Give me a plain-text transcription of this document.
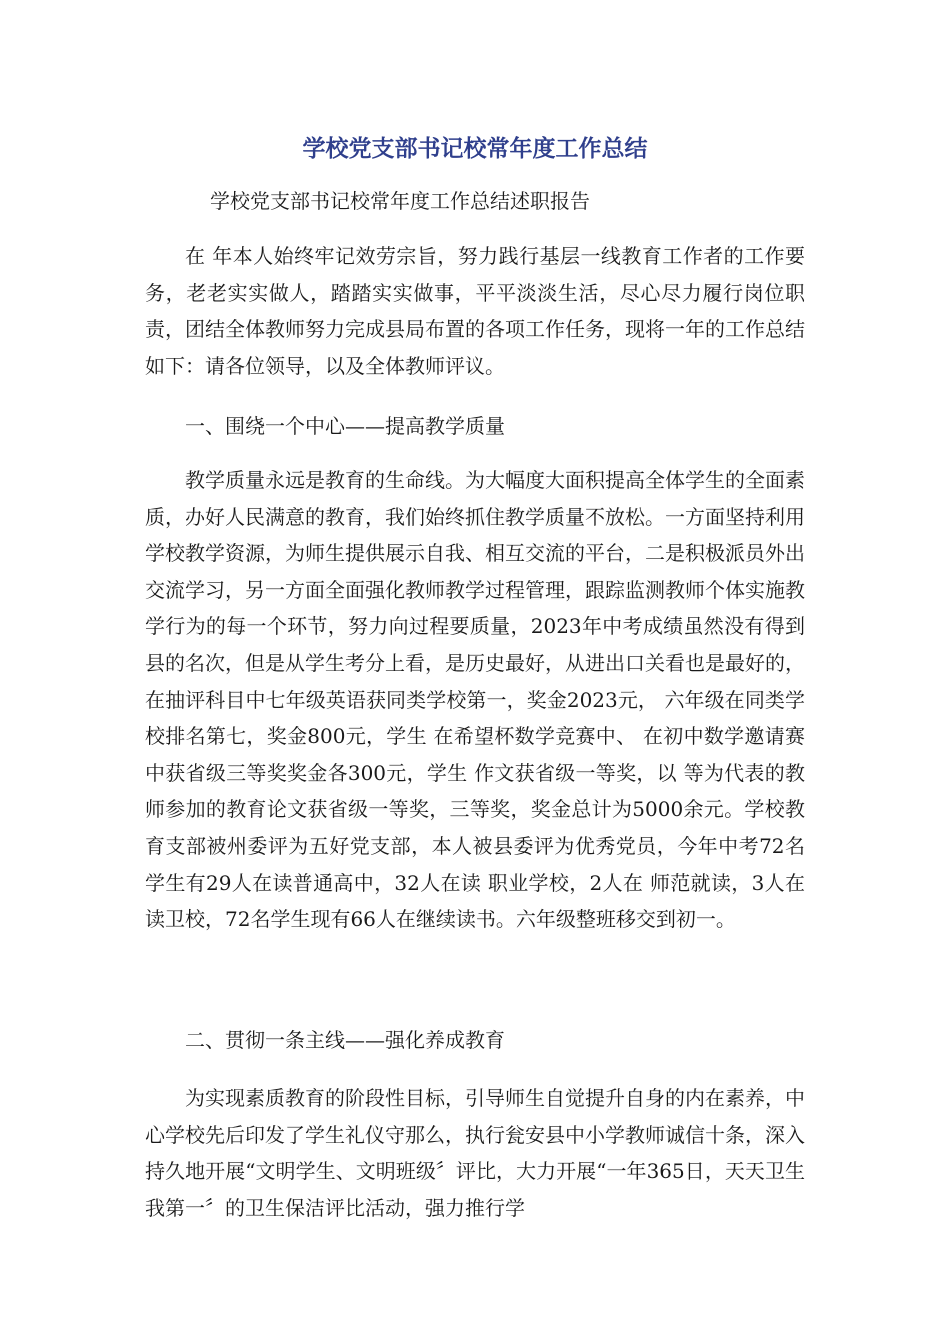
学校党支部书记校常年度工作总结
学校党支部书记校常年度工作总结述职报告

在 年本人始终牢记效劳宗旨，努力践行基层一线教育工作者的工作要务，老老实实做人，踏踏实实做事，平平淡淡生活，尽心尽力履行岗位职责，团结全体教师努力完成县局布置的各项工作任务，现将一年的工作总结如下：请各位领导，以及全体教师评议。

一、围绕一个中心——提高教学质量

教学质量永远是教育的生命线。为大幅度大面积提高全体学生的全面素质，办好人民满意的教育，我们始终抓住教学质量不放松。一方面坚持利用学校教学资源，为师生提供展示自我、相互交流的平台，二是积极派员外出交流学习，另一方面全面强化教师教学过程管理，跟踪监测教师个体实施教学行为的每一个环节，努力向过程要质量，2023年中考成绩虽然没有得到县的名次，但是从学生考分上看，是历史最好，从进出口关看也是最好的，在抽评科目中七年级英语获同类学校第一，奖金2023元， 六年级在同类学校排名第七，奖金800元，学生 在希望杯数学竞赛中、 在初中数学邀请赛中获省级三等奖奖金各300元，学生 作文获省级一等奖，以 等为代表的教师参加的教育论文获省级一等奖，三等奖，奖金总计为5000余元。学校教育支部被州委评为五好党支部，本人被县委评为优秀党员，今年中考72名学生有29人在读普通高中，32人在读 职业学校，2人在 师范就读，3人在 读卫校，72名学生现有66人在继续读书。六年级整班移交到初一。

二、贯彻一条主线——强化养成教育

为实现素质教育的阶段性目标，引导师生自觉提升自身的内在素养，中心学校先后印发了学生礼仪守那么，执行瓮安县中小学教师诚信十条，深入持久地开展“文明学生、文明班级〞评比，大力开展“一年365日，天天卫生我第一〞的卫生保洁评比活动，强力推行学
